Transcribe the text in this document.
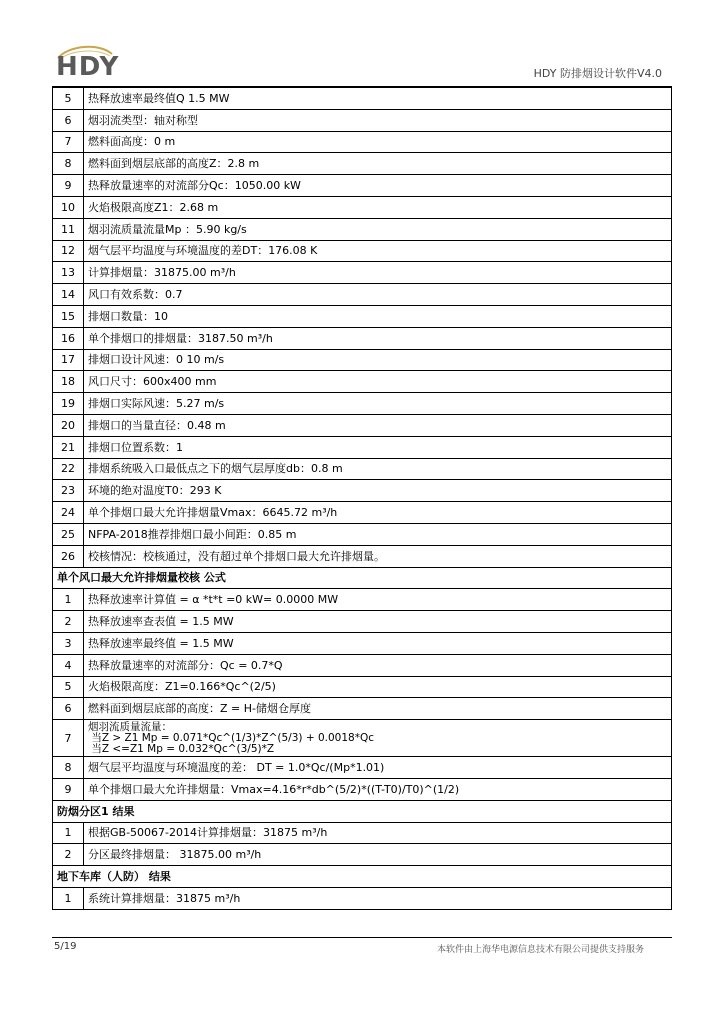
HDY	HDY 防排烟设计软件V4.0
5	热释放速率最终值Q 1.5 MW
6	烟羽流类型：轴对称型
7	燃料面高度：0 m
8	燃料面到烟层底部的高度Z：2.8 m
9	热释放量速率的对流部分Qc：1050.00 kW
10	火焰极限高度Z1：2.68 m
11	烟羽流质量流量Mp ：5.90 kg/s
12	烟气层平均温度与环境温度的差DT：176.08 K
13	计算排烟量：31875.00 m³/h
14	风口有效系数：0.7
15	排烟口数量：10
16	单个排烟口的排烟量：3187.50 m³/h
17	排烟口设计风速：0 10 m/s
18	风口尺寸：600x400 mm
19	排烟口实际风速：5.27 m/s
20	排烟口的当量直径：0.48 m
21	排烟口位置系数：1
22	排烟系统吸入口最低点之下的烟气层厚度db：0.8 m
23	环境的绝对温度T0：293 K
24	单个排烟口最大允许排烟量Vmax：6645.72 m³/h
25	NFPA-2018推荐排烟口最小间距：0.85 m
26	校核情况：校核通过，没有超过单个排烟口最大允许排烟量。
单个风口最大允许排烟量校核 公式	
1	热释放速率计算值 = α *t*t =0 kW= 0.0000 MW
2	热释放速率查表值 = 1.5 MW
3	热释放速率最终值 = 1.5 MW
4	热释放量速率的对流部分：Qc = 0.7*Q
5	火焰极限高度：Z1=0.166*Qc^(2/5)
6	燃料面到烟层底部的高度：Z = H-储烟仓厚度
7	烟羽流质量流量：
当Z > Z1 Mp = 0.071*Qc^(1/3)*Z^(5/3) + 0.0018*Qc
当Z <=Z1 Mp = 0.032*Qc^(3/5)*Z

8	烟气层平均温度与环境温度的差： DT = 1.0*Qc/(Mp*1.01)
9	单个排烟口最大允许排烟量：Vmax=4.16*r*db^(5/2)*((T-T0)/T0)^(1/2)
防烟分区1 结果	
1	根据GB-50067-2014计算排烟量：31875 m³/h
2	分区最终排烟量： 31875.00 m³/h
地下车库（人防） 结果	
1	系统计算排烟量：31875 m³/h
5/19	本软件由上海华电源信息技术有限公司提供支持服务
